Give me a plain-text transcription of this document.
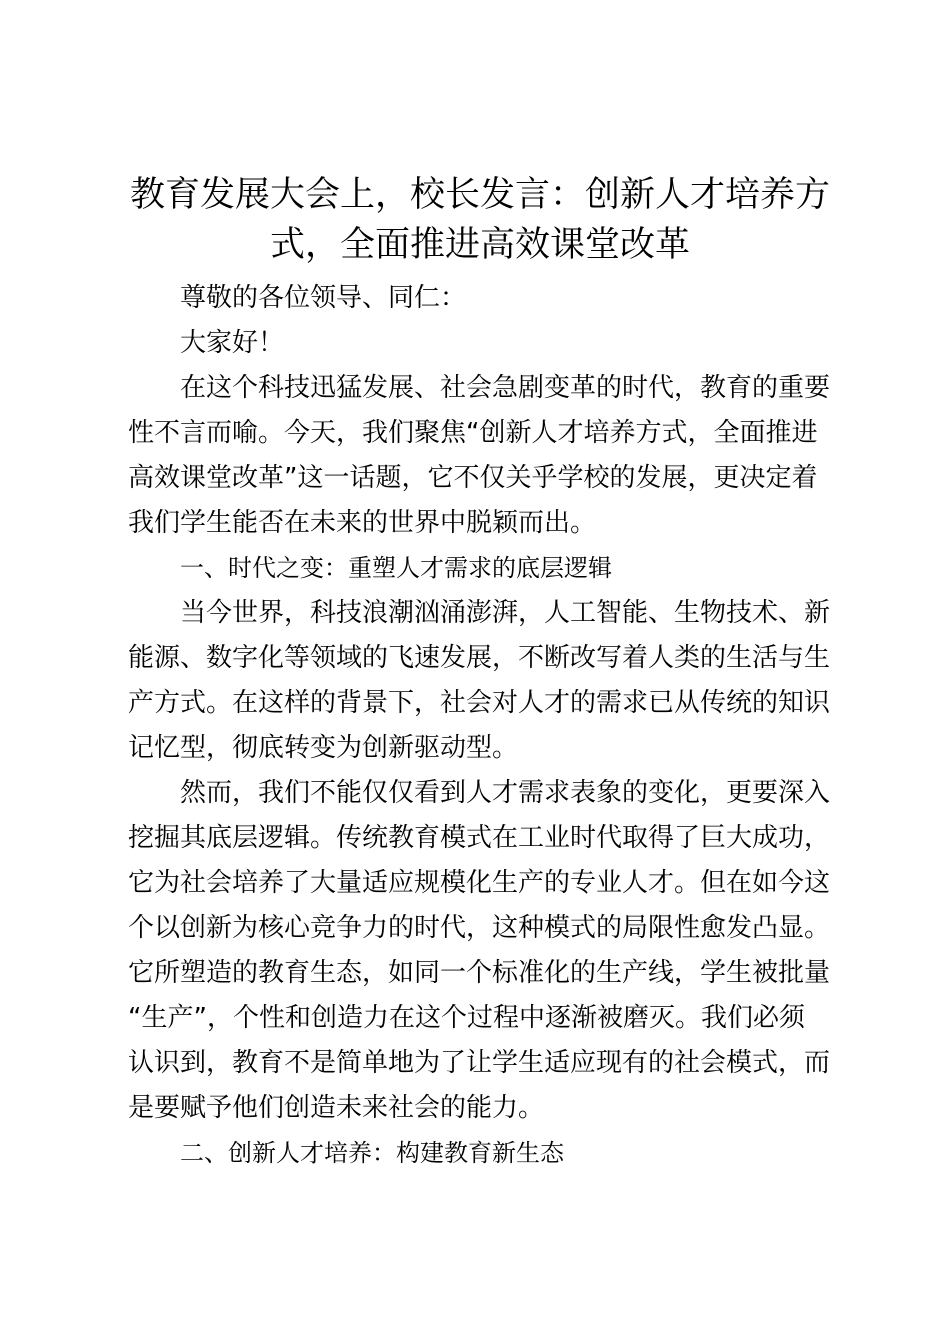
教育发展大会上，校长发言：创新人才培养方
式，全面推进高效课堂改革
尊敬的各位领导、同仁：
大家好！
在这个科技迅猛发展、社会急剧变革的时代，教育的重要
性不言而喻。今天，我们聚焦“创新人才培养方式，全面推进
高效课堂改革”这一话题，它不仅关乎学校的发展，更决定着
我们学生能否在未来的世界中脱颖而出。
一、时代之变：重塑人才需求的底层逻辑
当今世界，科技浪潮汹涌澎湃，人工智能、生物技术、新
能源、数字化等领域的飞速发展，不断改写着人类的生活与生
产方式。在这样的背景下，社会对人才的需求已从传统的知识
记忆型，彻底转变为创新驱动型。
然而，我们不能仅仅看到人才需求表象的变化，更要深入
挖掘其底层逻辑。传统教育模式在工业时代取得了巨大成功，
它为社会培养了大量适应规模化生产的专业人才。但在如今这
个以创新为核心竞争力的时代，这种模式的局限性愈发凸显。
它所塑造的教育生态，如同一个标准化的生产线，学生被批量
“生产”，个性和创造力在这个过程中逐渐被磨灭。我们必须
认识到，教育不是简单地为了让学生适应现有的社会模式，而
是要赋予他们创造未来社会的能力。
二、创新人才培养：构建教育新生态
